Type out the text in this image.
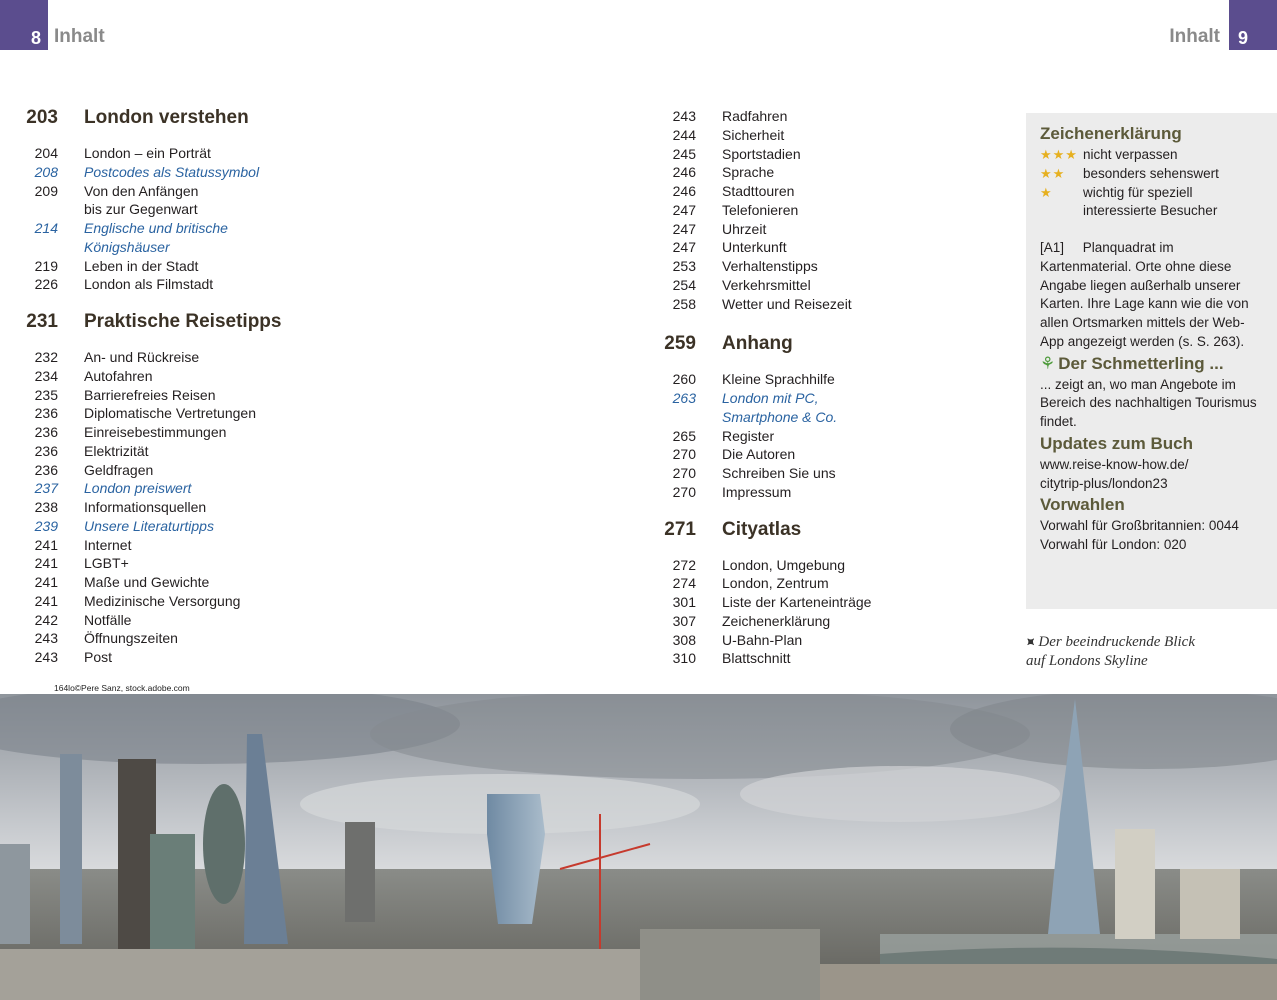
8 Inhalt	Inhalt	9
203 London verstehen
204 London – ein Porträt
208 Postcodes als Statussymbol
209 Von den Anfängen
bis zur Gegenwart
214 Englische und britische
Königshäuser
219 Leben in der Stadt
226 London als Filmstadt
231 Praktische Reisetipps
232 An- und Rückreise
234 Autofahren
235 Barrierefreies Reisen
236 Diplomatische Vertretungen
236 Einreisebestimmungen
236 Elektrizität
236 Geldfragen
237 London preiswert
238 Informationsquellen
239 Unsere Literaturtipps
241 Internet
241 LGBT+
241 Maße und Gewichte
241 Medizinische Versorgung
242 Notfälle
243 Öffnungszeiten
243 Post
243 Radfahren
244 Sicherheit
245 Sportstadien
246 Sprache
246 Stadttouren
247 Telefonieren
247 Uhrzeit
247 Unterkunft
253 Verhaltenstipps
254 Verkehrsmittel
258 Wetter und Reisezeit
259 Anhang
260 Kleine Sprachhilfe
263 London mit PC,
Smartphone & Co.
265 Register
270 Die Autoren
270 Schreiben Sie uns
270 Impressum
271 Cityatlas
272 London, Umgebung
274 London, Zentrum
301 Liste der Karteneinträge
307 Zeichenerklärung
308 U-Bahn-Plan
310 Blattschnitt
Zeichenerklärung
★★★ nicht verpassen
★★	besonders sehenswert
★	wichtig für speziell
interessierte Besucher
[A1]     Planquadrat im Kartenmaterial. Orte ohne diese Angabe liegen außerhalb unserer Karten. Ihre Lage kann wie die von allen Ortsmarken mittels der Web-App angezeigt werden (s. S. 263).
⚘ Der Schmetterling ...
... zeigt an, wo man Angebote im Bereich des nachhaltigen Tourismus findet.
Updates zum Buch
www.reise-know-how.de/
citytrip-plus/london23
Vorwahlen
Vorwahl für Großbritannien: 0044
Vorwahl für London: 020
⯍ Der beeindruckende Blick
auf Londons Skyline
164lo©Pere Sanz, stock.adobe.com
